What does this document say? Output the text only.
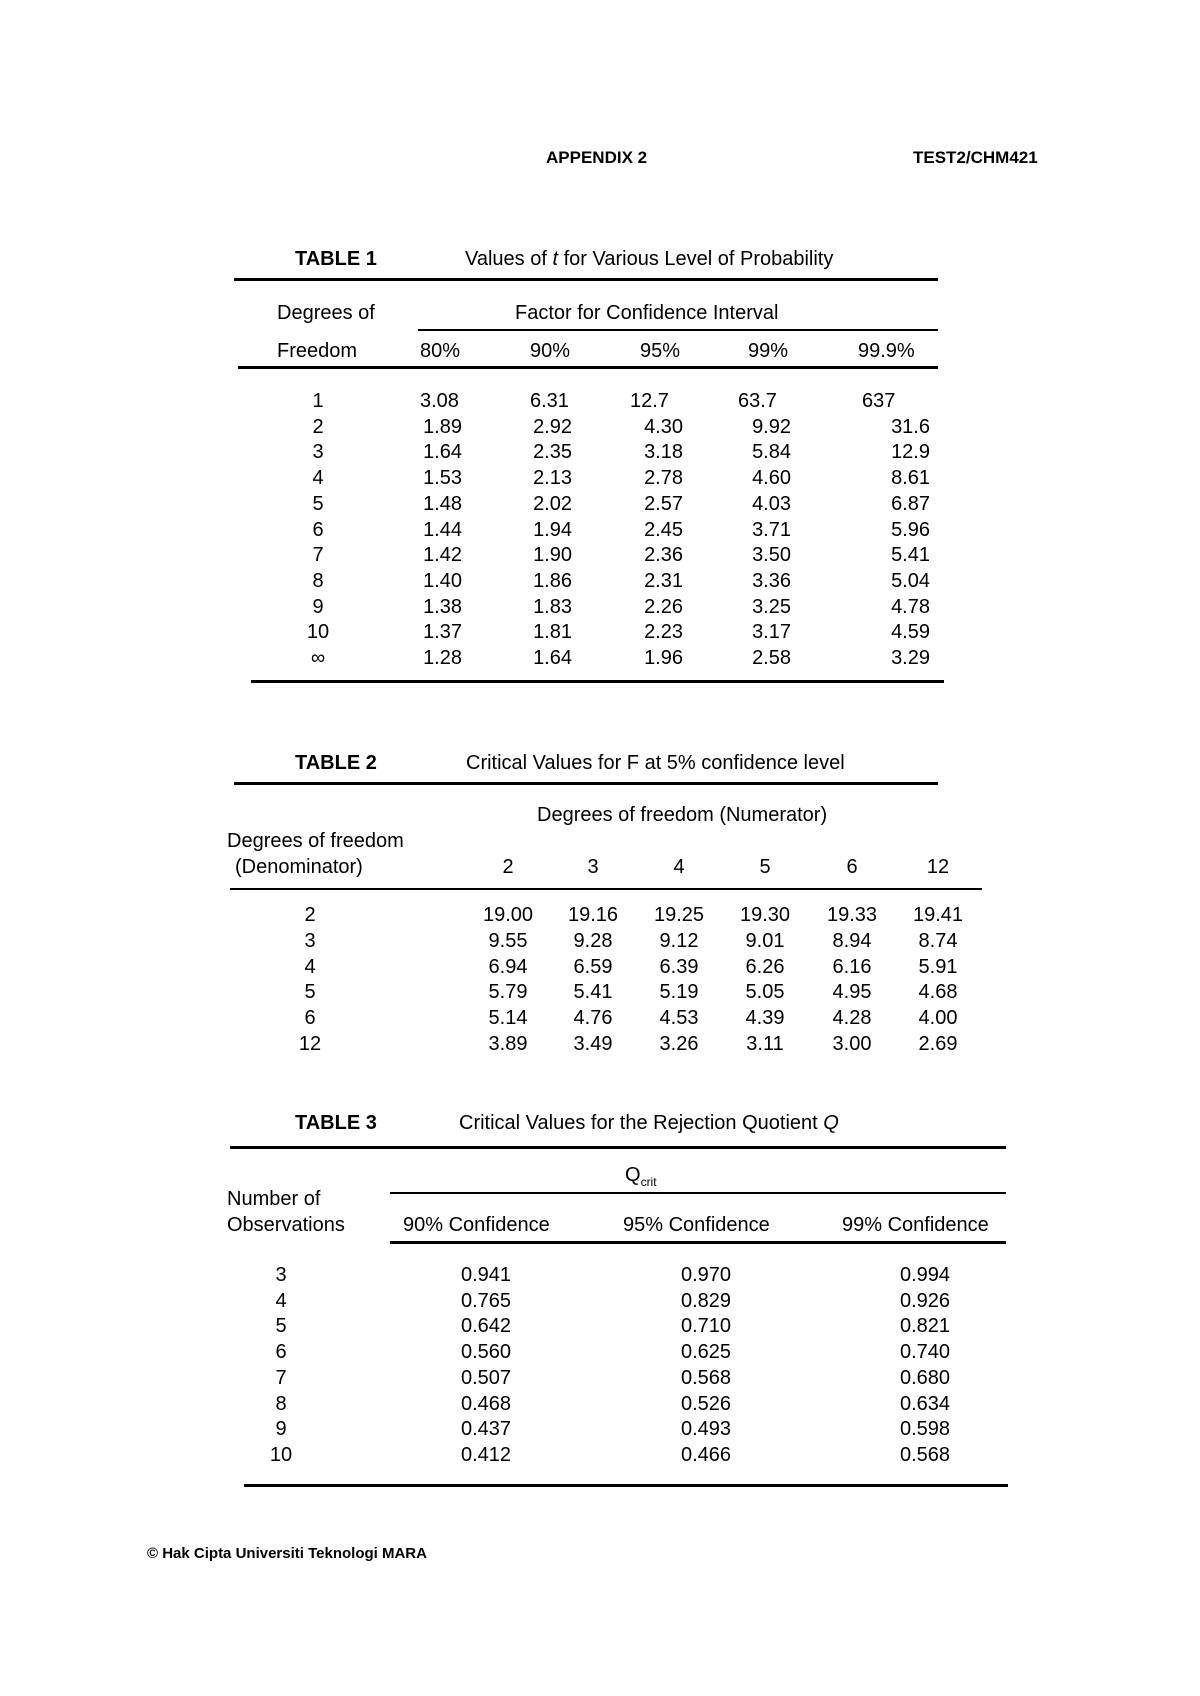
APPENDIX 2	TEST2/CHM421
TABLE 1	Values of t for Various Level of Probability
Degrees of
Freedom
Factor for Confidence Interval
80%	90%	95%	99%	99.9%
1	3.08	6.31	12.7	63.7	637
2	1.89	2.92	4.30	9.92	31.6
3	1.64	2.35	3.18	5.84	12.9
4	1.53	2.13	2.78	4.60	8.61
5	1.48	2.02	2.57	4.03	6.87
6	1.44	1.94	2.45	3.71	5.96
7	1.42	1.90	2.36	3.50	5.41
8	1.40	1.86	2.31	3.36	5.04
9	1.38	1.83	2.26	3.25	4.78
10	1.37	1.81	2.23	3.17	4.59
∞	1.28	1.64	1.96	2.58	3.29
TABLE 2	Critical Values for F at 5% confidence level
Degrees of freedom (Numerator)
Degrees of freedom
(Denominator)	2	3	4	5	6	12
2	19.00	19.16	19.25	19.30	19.33	19.41
3	9.55	9.28	9.12	9.01	8.94	8.74
4	6.94	6.59	6.39	6.26	6.16	5.91
5	5.79	5.41	5.19	5.05	4.95	4.68
6	5.14	4.76	4.53	4.39	4.28	4.00
12	3.89	3.49	3.26	3.11	3.00	2.69
TABLE 3	Critical Values for the Rejection Quotient Q
$Q_{crit}$
Number of
Observations	90% Confidence	95% Confidence	99% Confidence
3	0.941	0.970	0.994
4	0.765	0.829	0.926
5	0.642	0.710	0.821
6	0.560	0.625	0.740
7	0.507	0.568	0.680
8	0.468	0.526	0.634
9	0.437	0.493	0.598
10	0.412	0.466	0.568
© Hak Cipta Universiti Teknologi MARA
